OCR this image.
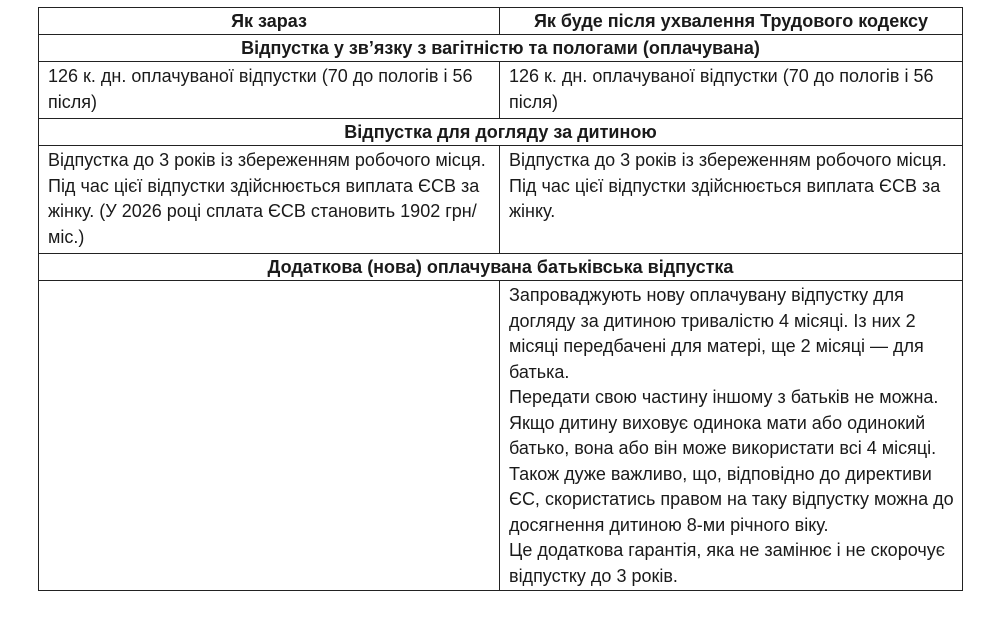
Як зараз	Як буде після ухвалення Трудового кодексу
Відпустка у зв’язку з вагітністю та пологами (оплачувана)	

126 к. дн. оплачуваної відпустки (70 до пологів і 56 після)	126 к. дн. оплачуваної відпустки (70 до пологів і 56 після)

Відпустка для догляду за дитиною	

Відпустка до 3 років із збереженням робочого місця. Під час цієї відпустки здійснюється виплата ЄСВ за жінку. (У 2026 році сплата ЄСВ становить 1902 грн/міс.)	Відпустка до 3 років із збереженням робочого місця. Під час цієї відпустки здійснюється виплата ЄСВ за жінку.

Додаткова (нова) оплачувана батьківська відпустка	

	Запроваджують нову оплачувану відпустку для догляду за дитиною тривалістю 4 місяці. Із них 2 місяці передбачені для матері, ще 2 місяці — для батька.
Передати свою частину іншому з батьків не можна. Якщо дитину виховує одинока мати або одинокий батько, вона або він може використати всі 4 місяці.
Також дуже важливо, що, відповідно до директиви ЄС, скористатись правом на таку відпустку можна до досягнення дитиною 8-ми річного віку.
Це додаткова гарантія, яка не замінює і не скорочує відпустку до 3 років.
